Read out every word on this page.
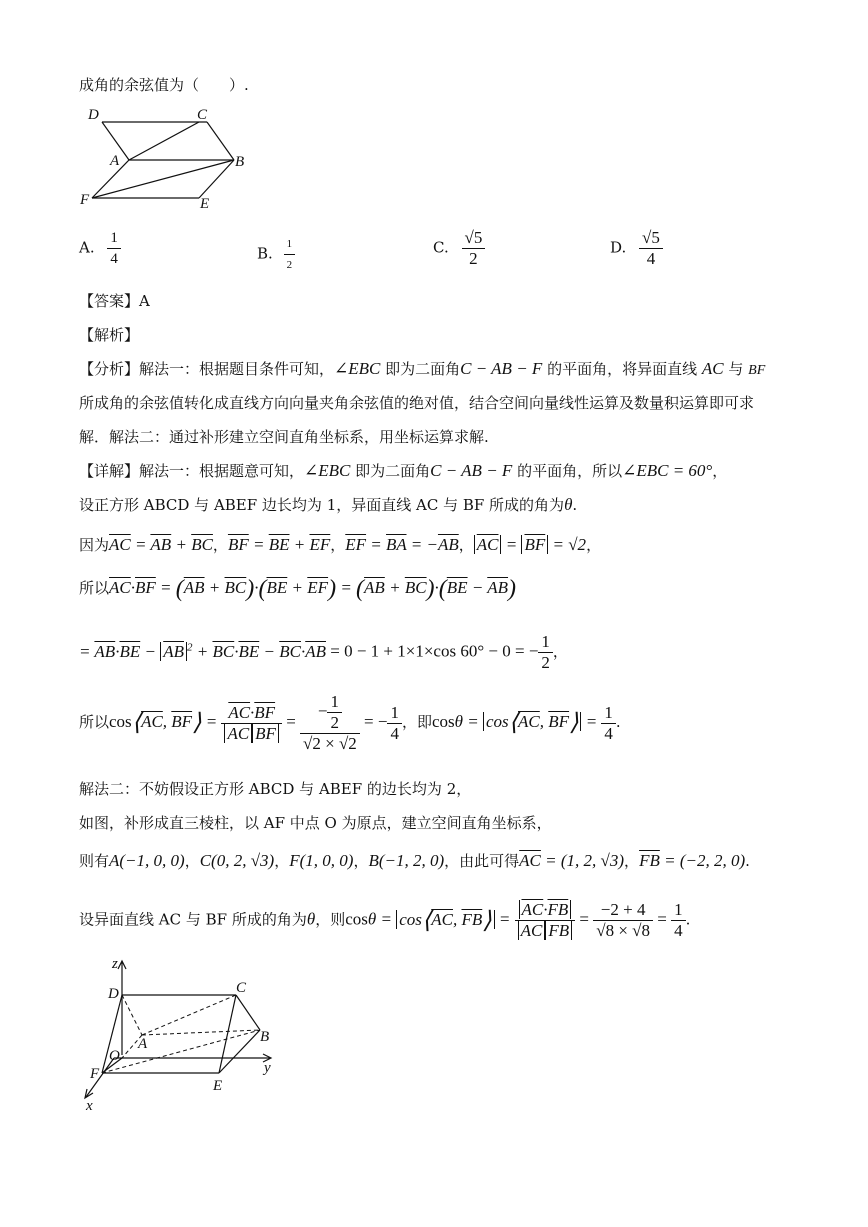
成角的余弦值为（　　）.
D	C
A	B
F	E
A. $\frac{1}{4}$	B. $\frac{1}{2}$	C. $\frac{√5}{2}$	D. $\frac{√5}{4}$
【答案】A
【解析】
【分析】解法一：根据题目条件可知，∠EBC 即为二面角C − AB − F 的平面角，将异面直线 AC 与 BF
所成角的余弦值转化成直线方向向量夹角余弦值的绝对值，结合空间向量线性运算及数量积运算即可求
解．解法二：通过补形建立空间直角坐标系，用坐标运算求解.
【详解】解法一：根据题意可知，∠EBC 即为二面角C − AB − F 的平面角，所以∠EBC = 60°，
设正方形 ABCD 与 ABEF 边长均为 1，异面直线 AC 与 BF 所成的角为θ.
因为$\overline{AC} = \overline{AB} + \overline{BC}$，$\overline{BF} = \overline{BE} + \overline{EF}$，$\overline{EF} = \overline{BA} = -\overline{AB}$， $\overline{AC} = \overline{BF} = √2$，
所以$\overline{AC}\cdot\overline{BF} = (\overline{AB} + \overline{BC})\cdot(\overline{BE} + \overline{EF}) = (\overline{AB} + \overline{BC})\cdot(\overline{BE} - \overline{AB})$
= $\overline{AB}\cdot\overline{BE} - \overline{AB}$ $^2 + \overline{BC}\cdot\overline{BE} - \overline{BC}\cdot\overline{AB} = 0 - 1 + 1\times 1\times\cos$ 60° − 0 = − $\frac{1}{2}$ ，
所以$\cos⟨\overline{AC}$, $\overline{BF}⟩ = \frac{\overline{AC}\cdot\overline{BF}}{\overline{AC} \overline{BF}} = \frac{- \frac{1}{2}}{√2 \times √2}$ = − $\frac{1}{4}$ ，即$\cos\theta = \cos⟨\overline{AC}$, $\overline{BF}⟩ = \frac{1}{4}$ .
解法二：不妨假设正方形 ABCD 与 ABEF 的边长均为 2，
如图，补形成直三棱柱，以 AF 中点 O 为原点，建立空间直角坐标系，
则有A(−1, 0, 0)，C(0, 2, √3)，F(1, 0, 0)，B(−1, 2, 0)，由此可得$\overline{AC} = (1$, 2, √3)，$\overline{FB} = (-2$, 2, 0).
设异面直线 AC 与 BF 所成的角为θ，则$\cos\theta = \cos⟨\overline{AC}$, $\overline{FB}⟩ = \frac{\overline{AC}\cdot\overline{FB}}{\overline{AC} \overline{FB}} = \frac{-2 + 4}{√8 \times √8} = \frac{1}{4}$ .
z
D	C
A	B
O
y
F
E
x
